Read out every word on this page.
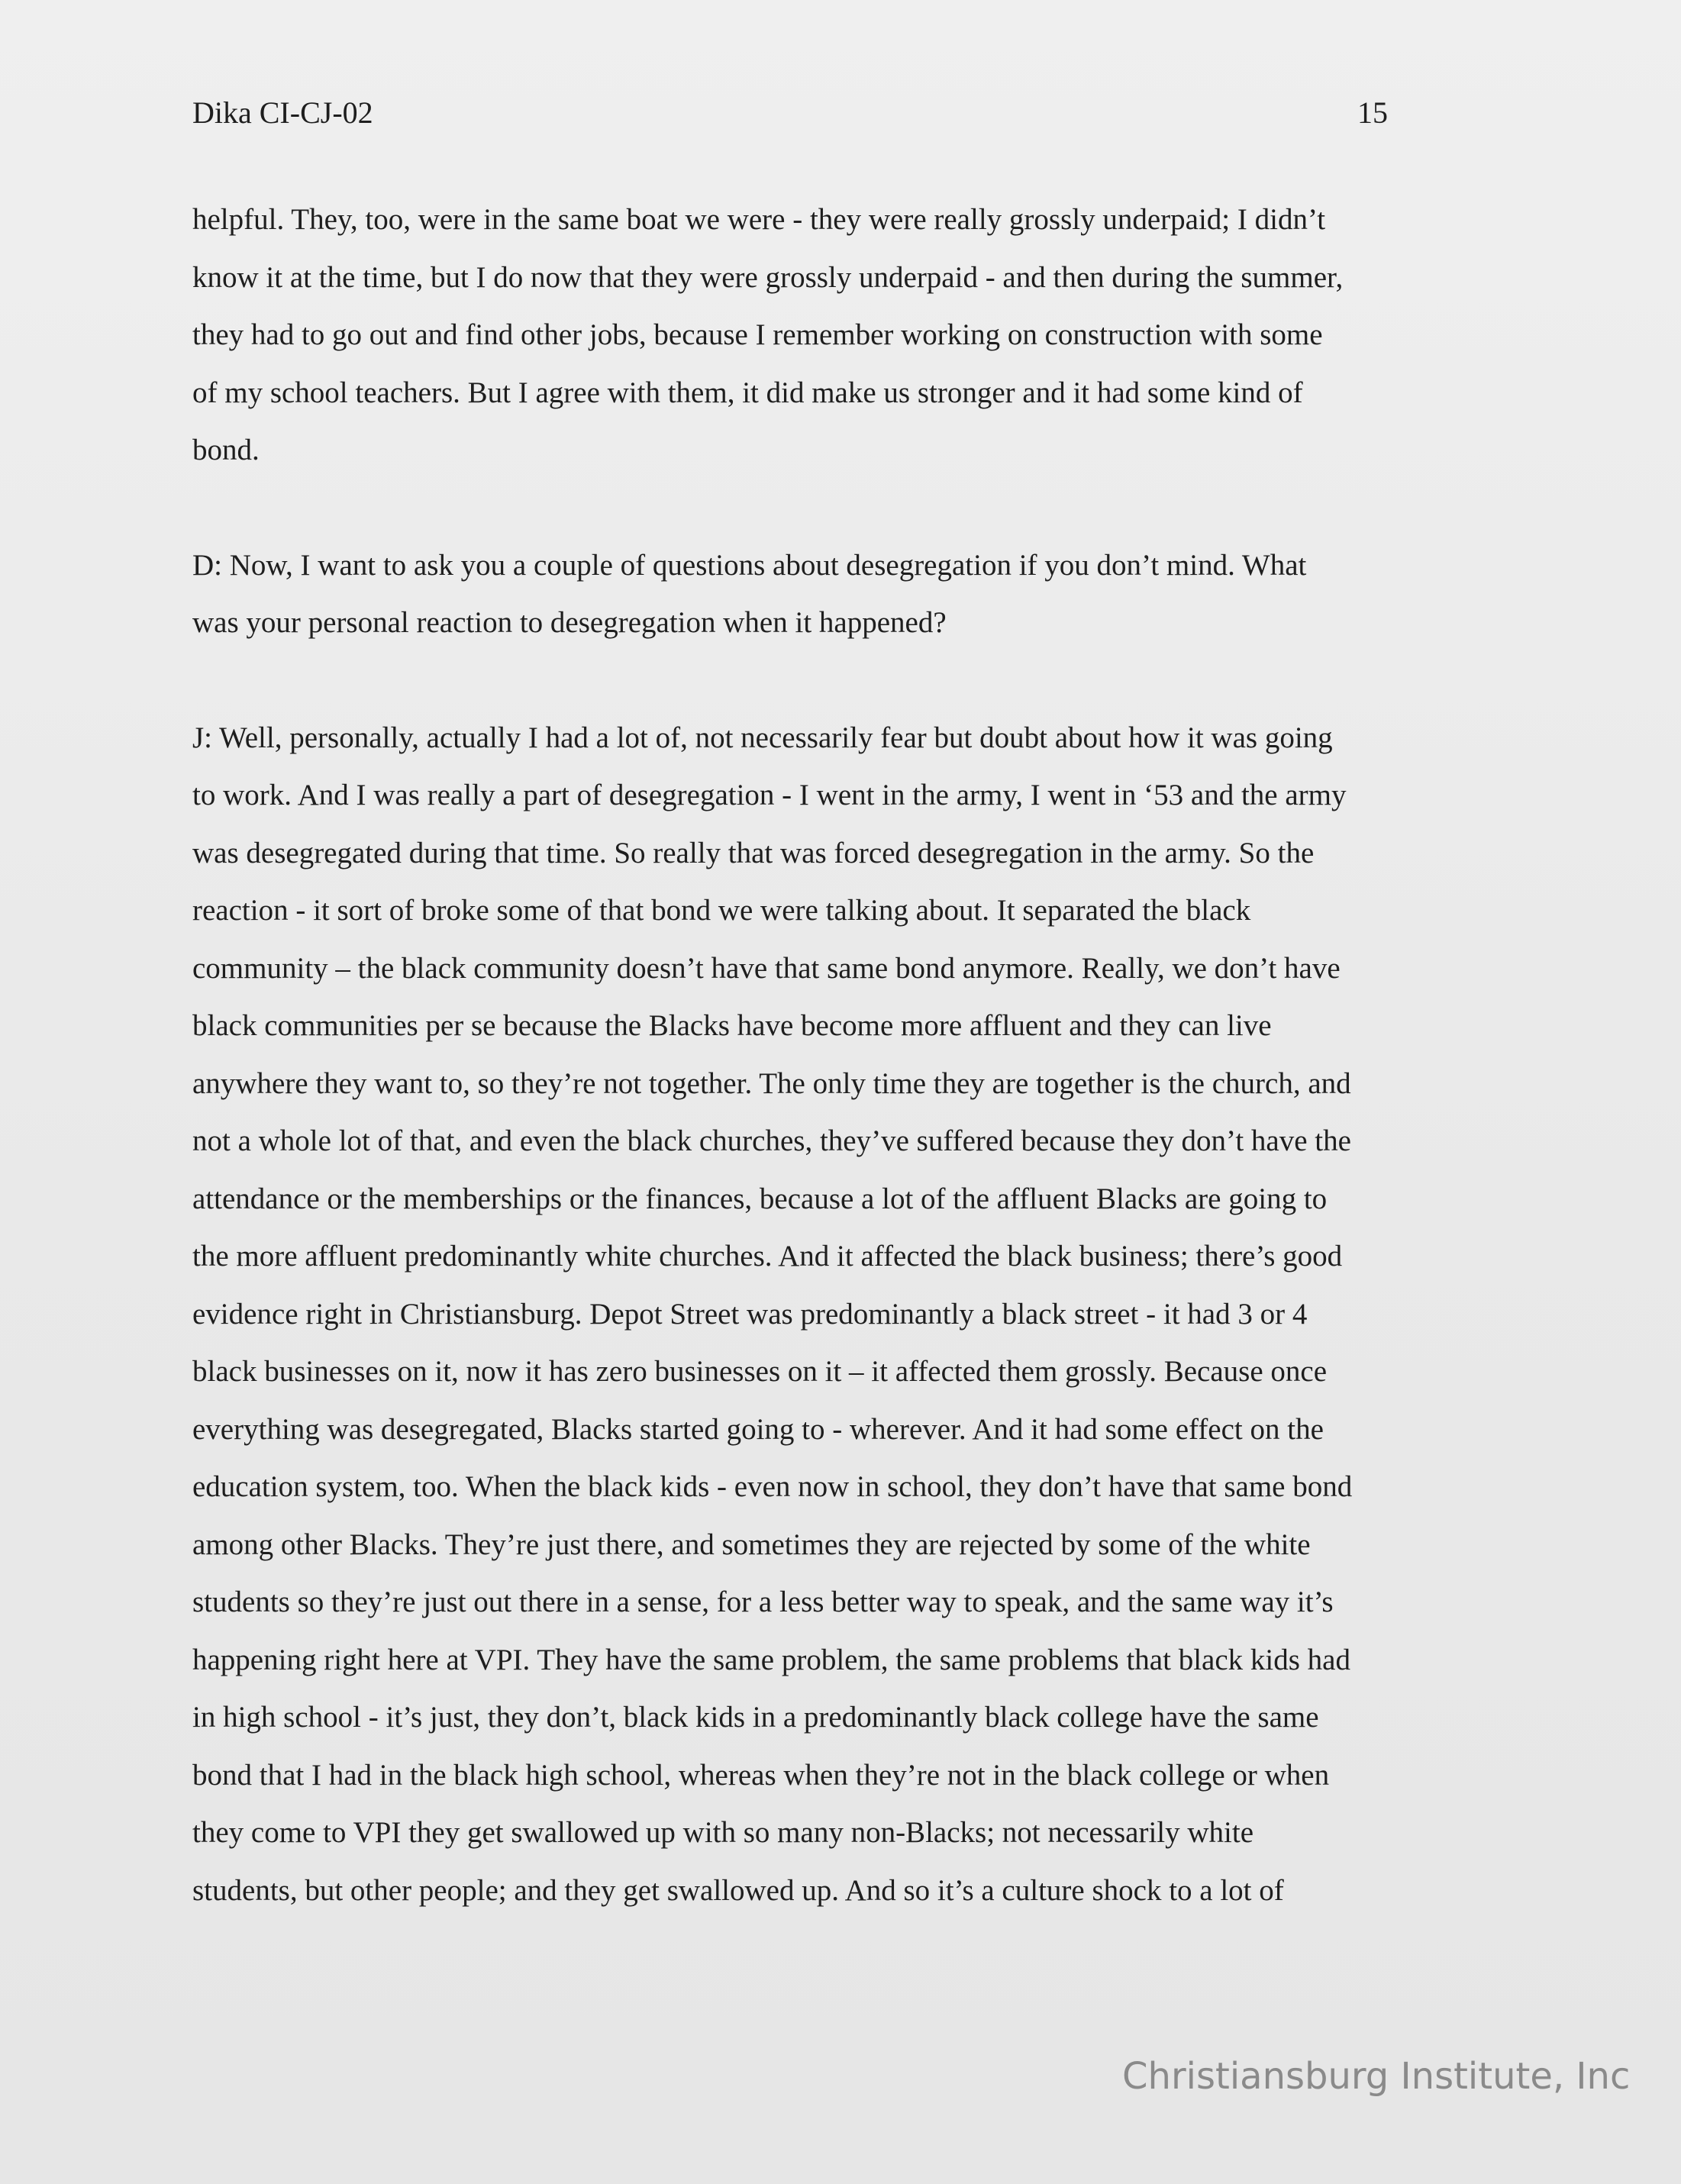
Dika CI-CJ-02	15
helpful. They, too, were in the same boat we were - they were really grossly underpaid; I didn’t
know it at the time, but I do now that they were grossly underpaid - and then during the summer,
they had to go out and find other jobs, because I remember working on construction with some
of my school teachers. But I agree with them, it did make us stronger and it had some kind of
bond.
D: Now, I want to ask you a couple of questions about desegregation if you don’t mind. What
was your personal reaction to desegregation when it happened?
J: Well, personally, actually I had a lot of, not necessarily fear but doubt about how it was going
to work. And I was really a part of desegregation - I went in the army, I went in ‘53 and the army
was desegregated during that time. So really that was forced desegregation in the army. So the
reaction - it sort of broke some of that bond we were talking about. It separated the black
community – the black community doesn’t have that same bond anymore. Really, we don’t have
black communities per se because the Blacks have become more affluent and they can live
anywhere they want to, so they’re not together. The only time they are together is the church, and
not a whole lot of that, and even the black churches, they’ve suffered because they don’t have the
attendance or the memberships or the finances, because a lot of the affluent Blacks are going to
the more affluent predominantly white churches. And it affected the black business; there’s good
evidence right in Christiansburg. Depot Street was predominantly a black street - it had 3 or 4
black businesses on it, now it has zero businesses on it – it affected them grossly. Because once
everything was desegregated, Blacks started going to - wherever. And it had some effect on the
education system, too. When the black kids - even now in school, they don’t have that same bond
among other Blacks. They’re just there, and sometimes they are rejected by some of the white
students so they’re just out there in a sense, for a less better way to speak, and the same way it’s
happening right here at VPI. They have the same problem, the same problems that black kids had
in high school - it’s just, they don’t, black kids in a predominantly black college have the same
bond that I had in the black high school, whereas when they’re not in the black college or when
they come to VPI they get swallowed up with so many non-Blacks; not necessarily white
students, but other people; and they get swallowed up. And so it’s a culture shock to a lot of
Christiansburg Institute, Inc
